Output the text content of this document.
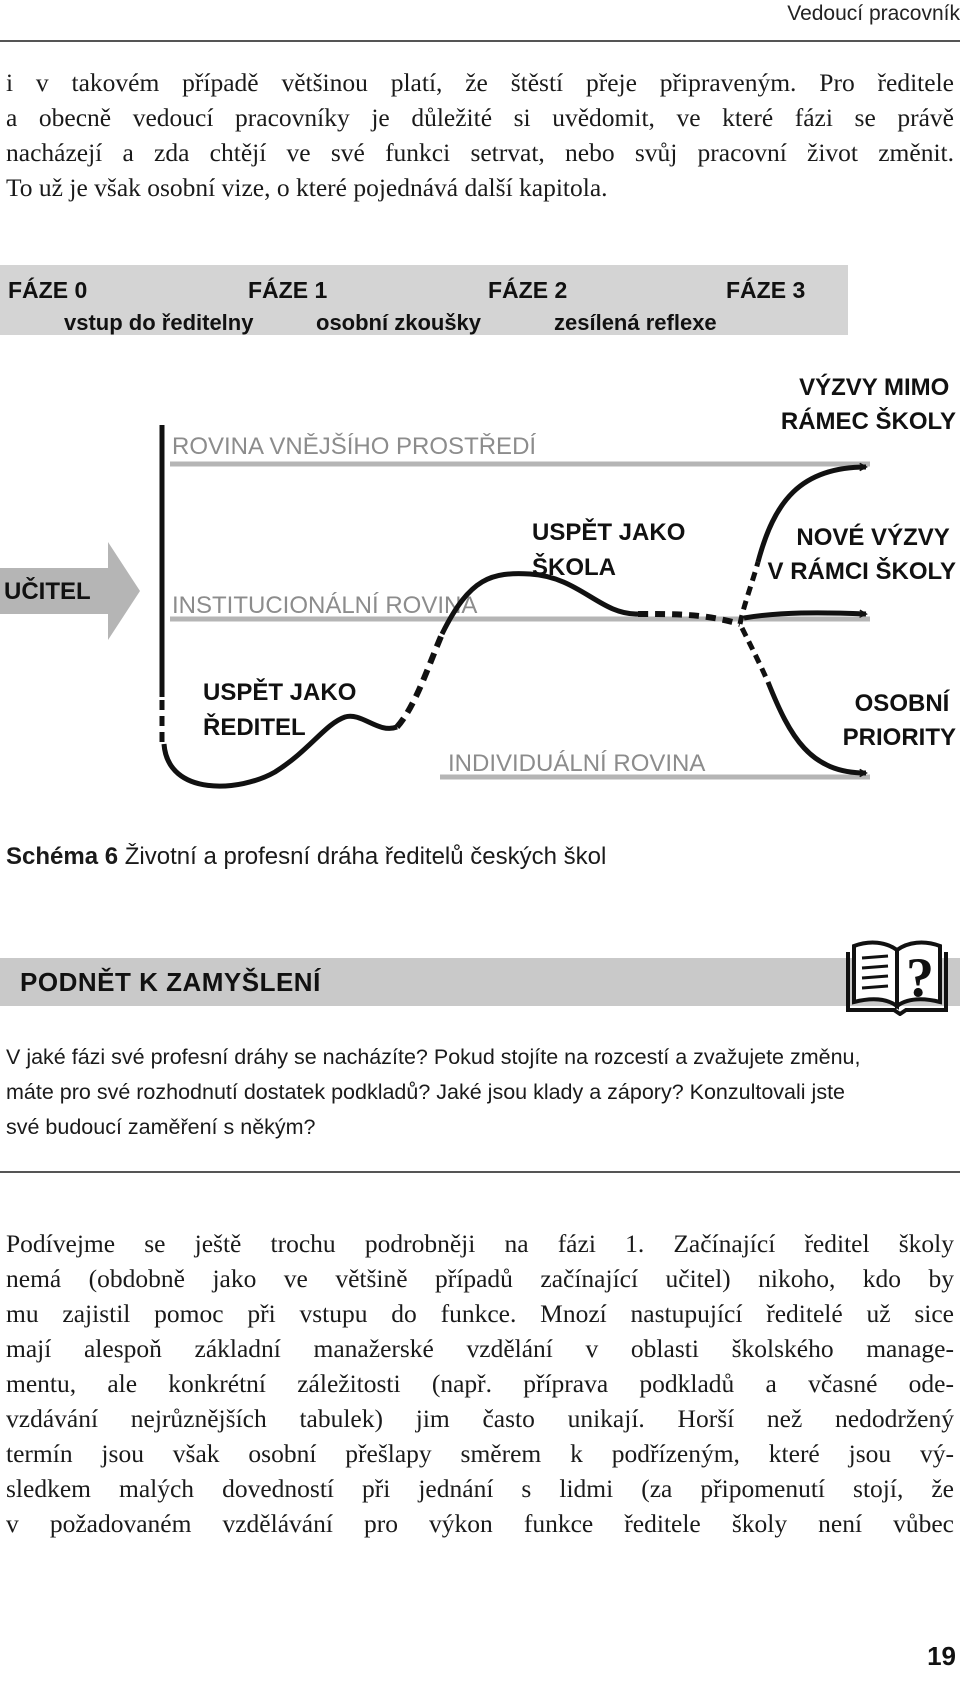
Vedoucí pracovník

i v takovém případě většinou platí, že štěstí přeje připraveným. Pro ředitele
a obecně vedoucí pracovníky je důležité si uvědomit, ve které fázi se právě
nacházejí a zda chtějí ve své funkci setrvat, nebo svůj pracovní život změnit.
To už je však osobní vize, o které pojednává další kapitola.

FÁZE 0	FÁZE 1	FÁZE 2	FÁZE 3
vstup do ředitelny	osobní zkoušky	zesílená reflexe
ROVINA VNĚJŠÍHO PROSTŘEDÍ
INSTITUCIONÁLNÍ ROVINA
INDIVIDUÁLNÍ ROVINA
UČITEL
USPĚT JAKO ŘEDITEL
USPĚT JAKO ŠKOLA
VÝZVY MIMO RÁMEC ŠKOLY
NOVÉ VÝZVY V RÁMCI ŠKOLY
OSOBNÍ PRIORITY
Schéma 6 Životní a profesní dráha ředitelů českých škol
PODNĚT K ZAMYŠLENÍ	?

V jaké fázi své profesní dráhy se nacházíte? Pokud stojíte na rozcestí a zvažujete změnu,
máte pro své rozhodnutí dostatek podkladů? Jaké jsou klady a zápory? Konzultovali jste
své budoucí zaměření s někým?

Podívejme se ještě trochu podrobněji na fázi 1. Začínající ředitel školy
nemá (obdobně jako ve většině případů začínající učitel) nikoho, kdo by
mu zajistil pomoc při vstupu do funkce. Mnozí nastupující ředitelé už sice
mají alespoň základní manažerské vzdělání v oblasti školského manage-
mentu, ale konkrétní záležitosti (např. příprava podkladů a včasné ode-
vzdávání nejrůznějších tabulek) jim často unikají. Horší než nedodržený
termín jsou však osobní přešlapy směrem k podřízeným, které jsou vý-
sledkem malých dovedností při jednání s lidmi (za připomenutí stojí, že
v požadovaném vzdělávání pro výkon funkce ředitele školy není vůbec

19
